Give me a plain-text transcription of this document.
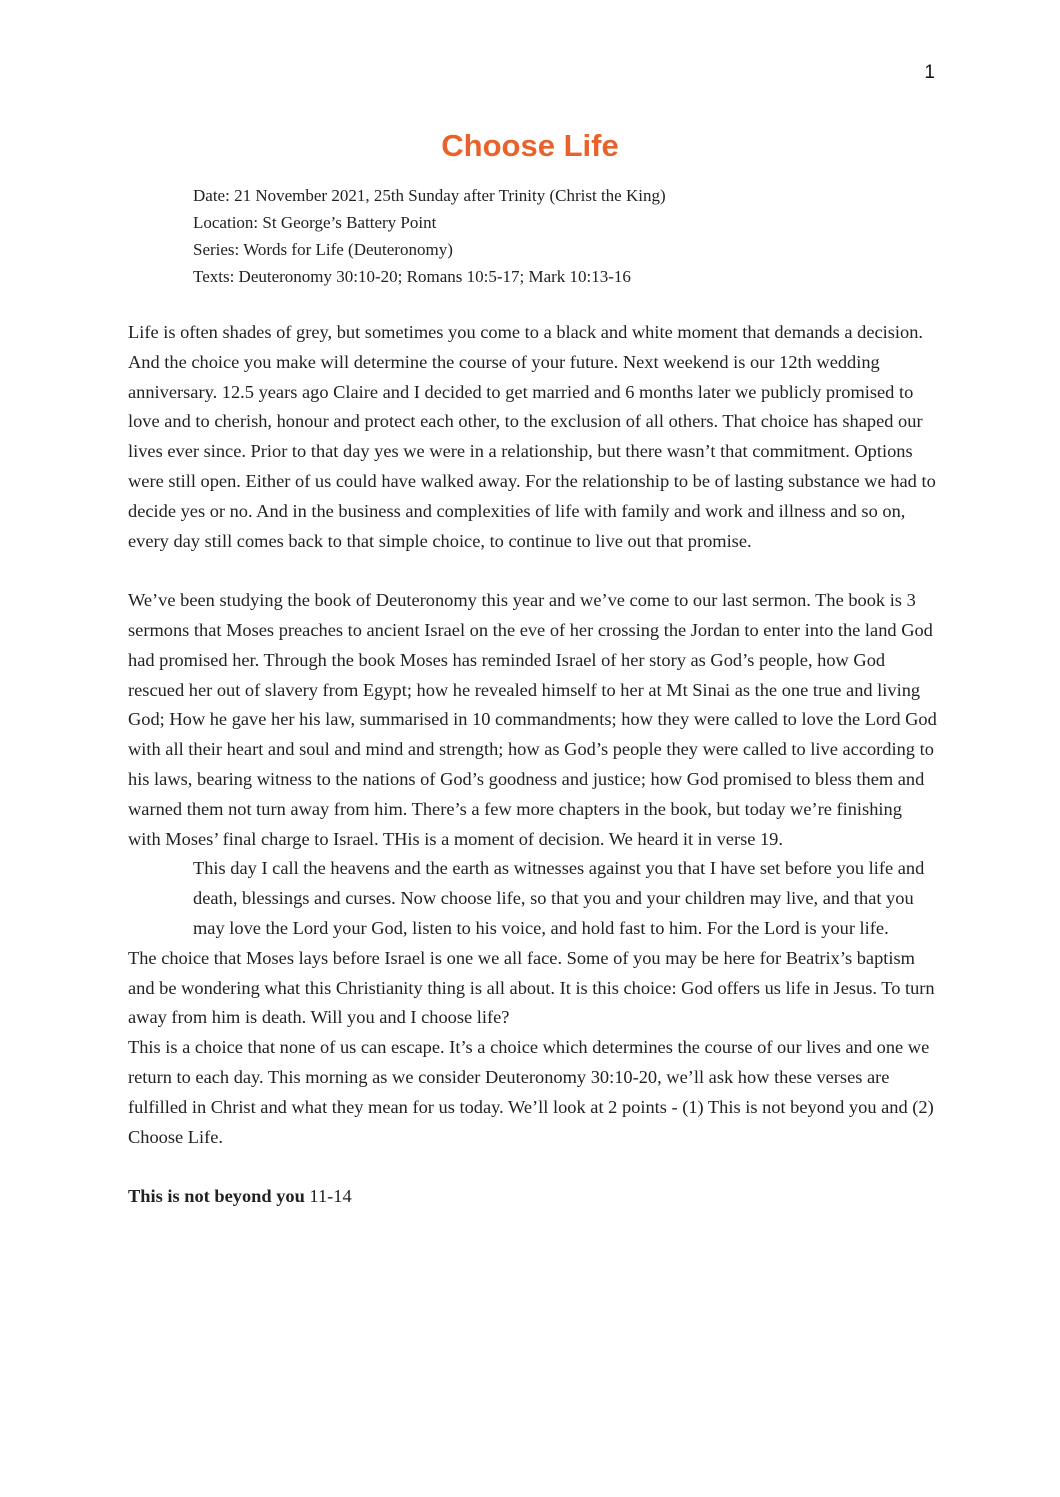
1
Choose Life
Date: 21 November 2021, 25th Sunday after Trinity (Christ the King)
Location: St George’s Battery Point
Series: Words for Life (Deuteronomy)
Texts: Deuteronomy 30:10-20; Romans 10:5-17; Mark 10:13-16

Life is often shades of grey, but sometimes you come to a black and white moment that demands a decision. And the choice you make will determine the course of your future. Next weekend is our 12th wedding anniversary. 12.5 years ago Claire and I decided to get married and 6 months later we publicly promised to love and to cherish, honour and protect each other, to the exclusion of all others. That choice has shaped our lives ever since. Prior to that day yes we were in a relationship, but there wasn’t that commitment. Options were still open. Either of us could have walked away. For the relationship to be of lasting substance we had to decide yes or no. And in the business and complexities of life with family and work and illness and so on, every day still comes back to that simple choice, to continue to live out that promise.

We’ve been studying the book of Deuteronomy this year and we’ve come to our last sermon. The book is 3 sermons that Moses preaches to ancient Israel on the eve of her crossing the Jordan to enter into the land God had promised her. Through the book Moses has reminded Israel of her story as God’s people, how God rescued her out of slavery from Egypt; how he revealed himself to her at Mt Sinai as the one true and living God; How he gave her his law, summarised in 10 commandments; how they were called to love the Lord God with all their heart and soul and mind and strength; how as God’s people they were called to live according to his laws, bearing witness to the nations of God’s goodness and justice; how God promised to bless them and warned them not turn away from him. There’s a few more chapters in the book, but today we’re finishing with Moses’ final charge to Israel. THis is a moment of decision. We heard it in verse 19.

This day I call the heavens and the earth as witnesses against you that I have set before you life and death, blessings and curses. Now choose life, so that you and your children may live, and that you may love the Lord your God, listen to his voice, and hold fast to him. For the Lord is your life.

The choice that Moses lays before Israel is one we all face. Some of you may be here for Beatrix’s baptism and be wondering what this Christianity thing is all about. It is this choice: God offers us life in Jesus. To turn away from him is death. Will you and I choose life?

This is a choice that none of us can escape. It’s a choice which determines the course of our lives and one we return to each day. This morning as we consider Deuteronomy 30:10-20, we’ll ask how these verses are fulfilled in Christ and what they mean for us today. We’ll look at 2 points - (1) This is not beyond you and (2) Choose Life.

This is not beyond you 11-14
